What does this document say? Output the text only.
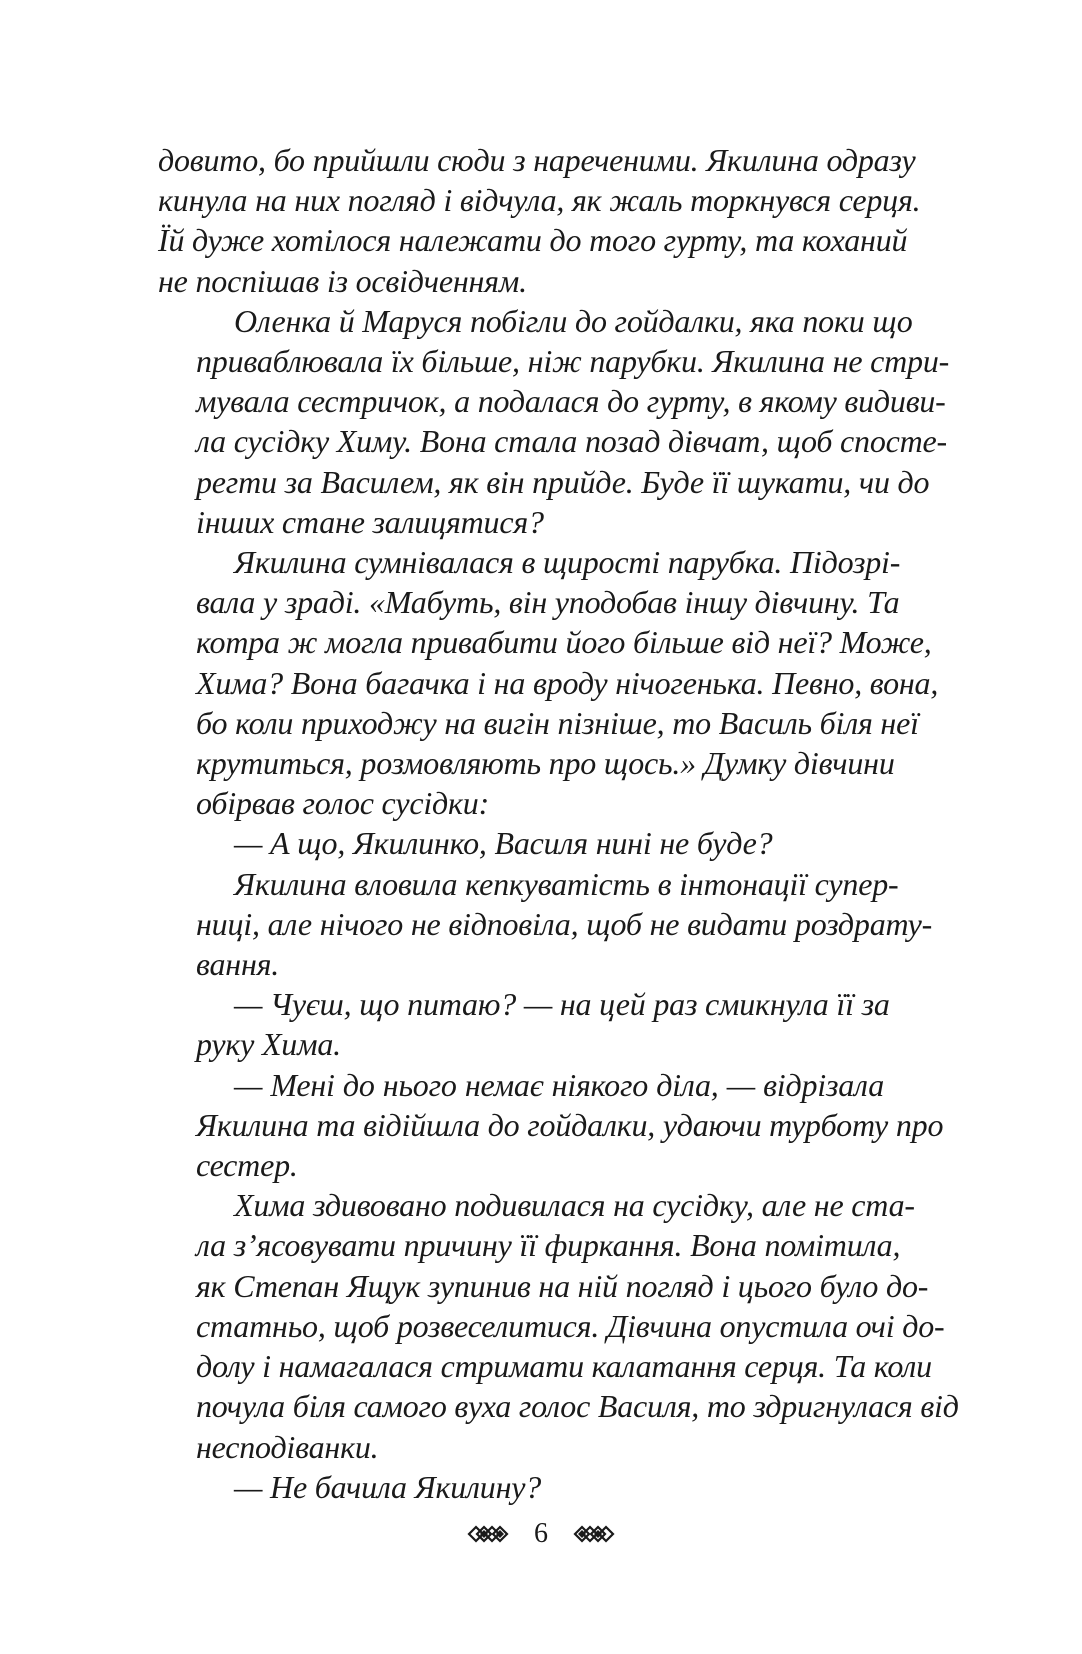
довито, бо прийшли сюди з нареченими. Якилина одразу
кинула на них погляд і відчула, як жаль торкнувся серця.
Їй дуже хотілося належати до того гурту, та коханий
не поспішав із освідченням.

Оленка й Маруся побігли до гойдалки, яка поки що
приваблювала їх більше, ніж парубки. Якилина не стри-
мувала сестричок, а подалася до гурту, в якому видиви-
ла сусідку Химу. Вона стала позад дівчат, щоб спосте-
регти за Василем, як він прийде. Буде її шукати, чи до
інших стане залицятися?

Якилина сумнівалася в щирості парубка. Підозрі-
вала у зраді. «Мабуть, він уподобав іншу дівчину. Та
котра ж могла привабити його більше від неї? Може,
Хима? Вона багачка і на вроду нічогенька. Певно, вона,
бо коли приходжу на вигін пізніше, то Василь біля неї
крутиться, розмовляють про щось.» Думку дівчини
обірвав голос сусідки:

— А що, Якилинко, Василя нині не буде?

Якилина вловила кепкуватість в інтонації супер-
ниці, але нічого не відповіла, щоб не видати роздрату-
вання.

— Чуєш, що питаю? — на цей раз смикнула її за
руку Хима.

— Мені до нього немає ніякого діла, — відрізала
Якилина та відійшла до гойдалки, удаючи турботу про
сестер.

Хима здивовано подивилася на сусідку, але не ста-
ла з’ясовувати причину її фиркання. Вона помітила,
як Степан Ящук зупинив на ній погляд і цього було до-
статньо, щоб розвеселитися. Дівчина опустила очі до-
долу і намагалася стримати калатання серця. Та коли
почула біля самого вуха голос Василя, то здригнулася від
несподіванки.

— Не бачила Якилину?

6
